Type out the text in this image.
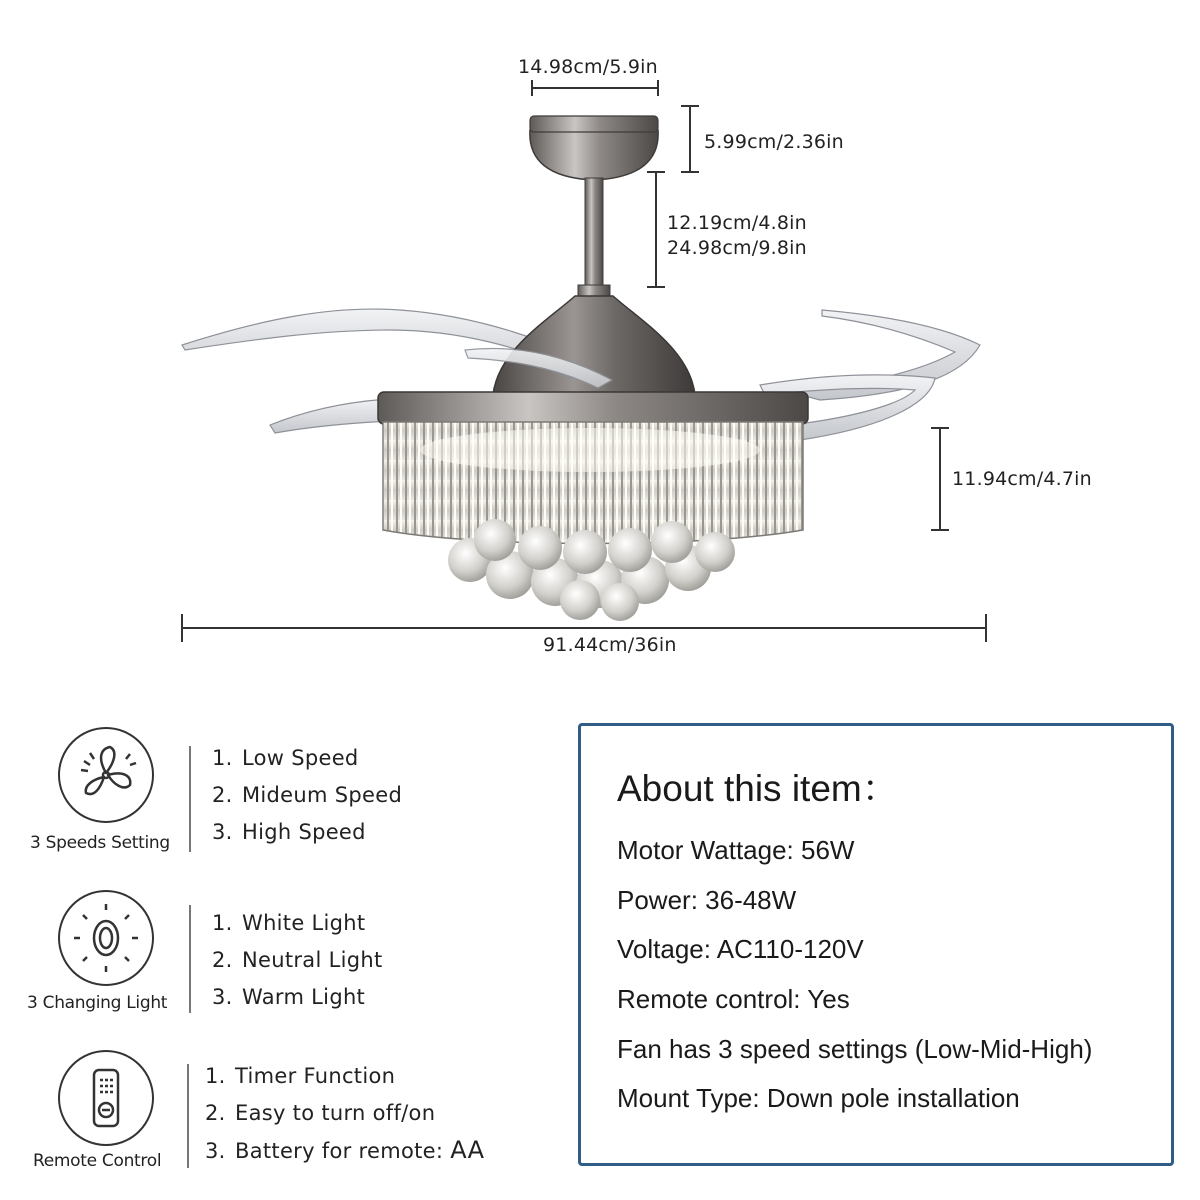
14.98cm/5.9in
5.99cm/2.36in
12.19cm/4.8in
24.98cm/9.8in
11.94cm/4.7in
91.44cm/36in
3 Speeds Setting
1. Low Speed
2. Mideum Speed
3. High Speed
3 Changing Light
1. White Light
2. Neutral Light
3. Warm Light
Remote Control
1. Timer Function
2. Easy to turn off/on
3. Battery for remote: AA
About this item：
Motor Wattage: 56W
Power: 36-48W
Voltage: AC110-120V
Remote control: Yes
Fan has 3 speed settings (Low-Mid-High)
Mount Type: Down pole installation
